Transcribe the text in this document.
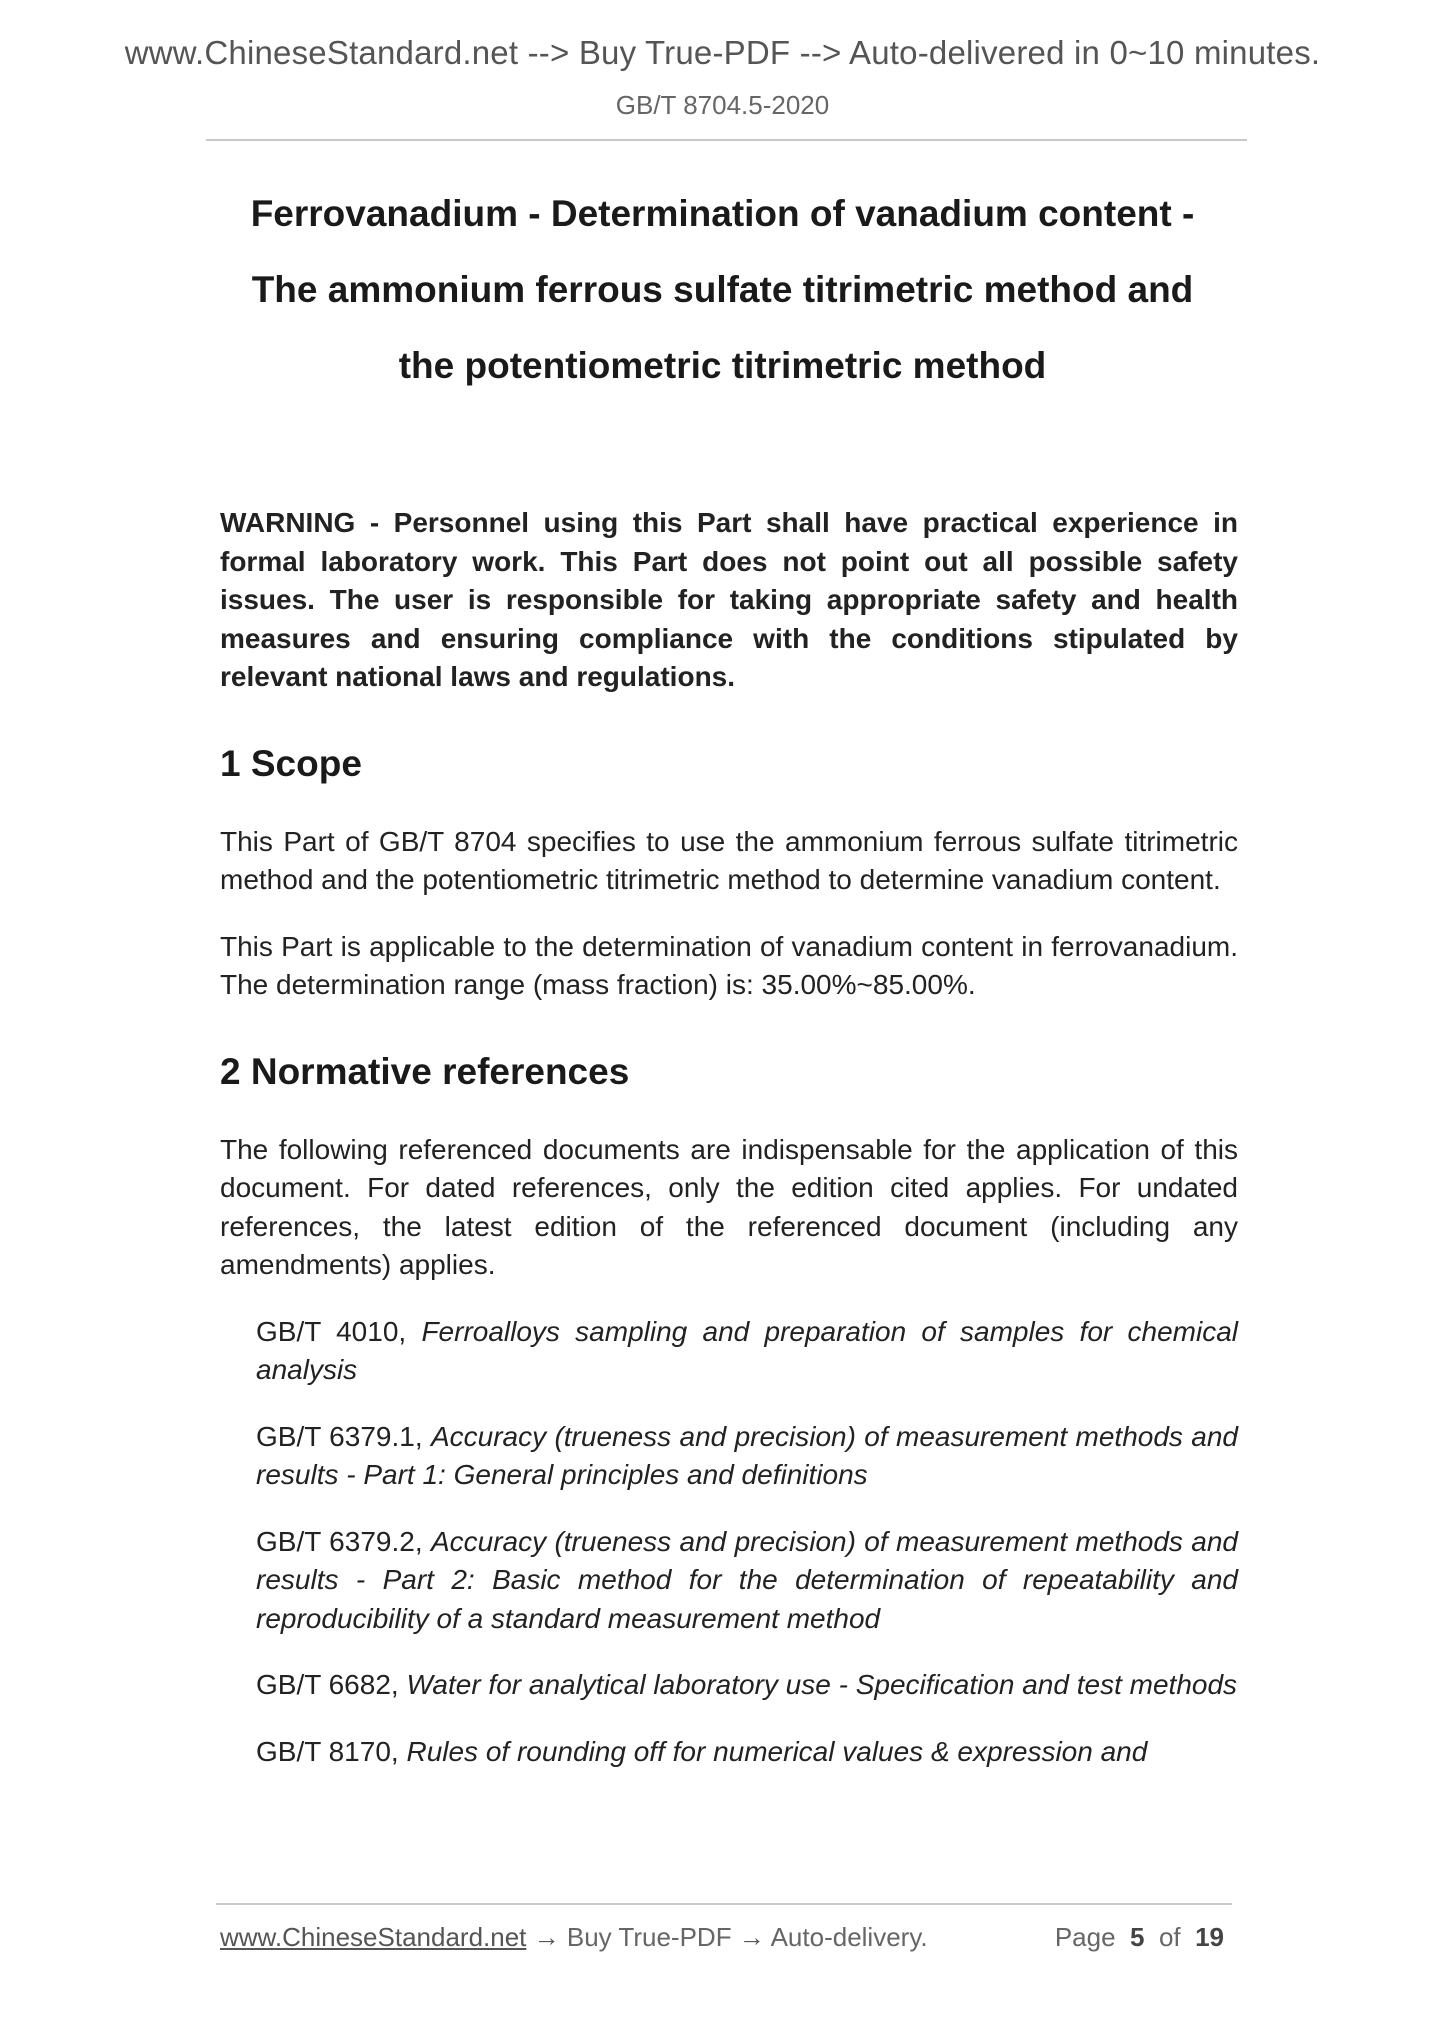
www.ChineseStandard.net --> Buy True-PDF --> Auto-delivered in 0~10 minutes.
GB/T 8704.5-2020
Ferrovanadium - Determination of vanadium content -
The ammonium ferrous sulfate titrimetric method and
the potentiometric titrimetric method

WARNING - Personnel using this Part shall have practical experience in formal laboratory work. This Part does not point out all possible safety issues. The user is responsible for taking appropriate safety and health measures and ensuring compliance with the conditions stipulated by relevant national laws and regulations.

1 Scope

This Part of GB/T 8704 specifies to use the ammonium ferrous sulfate titrimetric method and the potentiometric titrimetric method to determine vanadium content.

This Part is applicable to the determination of vanadium content in ferrovanadium. The determination range (mass fraction) is: 35.00%~85.00%.

2 Normative references

The following referenced documents are indispensable for the application of this document. For dated references, only the edition cited applies. For undated references, the latest edition of the referenced document (including any amendments) applies.

GB/T 4010, Ferroalloys sampling and preparation of samples for chemical analysis

GB/T 6379.1, Accuracy (trueness and precision) of measurement methods and results - Part 1: General principles and definitions

GB/T 6379.2, Accuracy (trueness and precision) of measurement methods and results - Part 2: Basic method for the determination of repeatability and reproducibility of a standard measurement method

GB/T 6682, Water for analytical laboratory use - Specification and test methods

GB/T 8170, Rules of rounding off for numerical values & expression and

www.ChineseStandard.net → Buy True-PDF → Auto-delivery.	Page 5 of 19
